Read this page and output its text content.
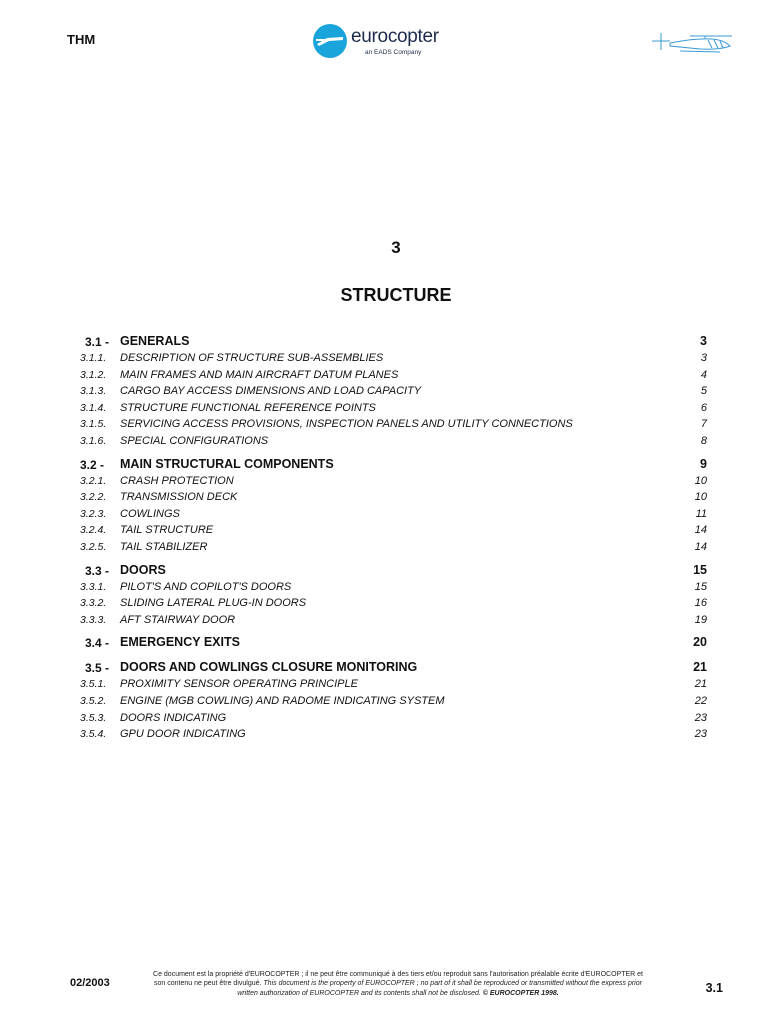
THM	eurocopter
an EADS Company
3
STRUCTURE
3.1 - GENERALS	3
3.1.1. DESCRIPTION OF STRUCTURE SUB-ASSEMBLIES	3
3.1.2. MAIN FRAMES AND MAIN AIRCRAFT DATUM PLANES	4
3.1.3. CARGO BAY ACCESS DIMENSIONS AND LOAD CAPACITY	5
3.1.4. STRUCTURE FUNCTIONAL REFERENCE POINTS	6
3.1.5. SERVICING ACCESS PROVISIONS, INSPECTION PANELS AND UTILITY CONNECTIONS	7
3.1.6. SPECIAL CONFIGURATIONS	8
3.2 - MAIN STRUCTURAL COMPONENTS	9
3.2.1. CRASH PROTECTION	10
3.2.2. TRANSMISSION DECK	10
3.2.3. COWLINGS	11
3.2.4. TAIL STRUCTURE	14
3.2.5. TAIL STABILIZER	14
3.3 - DOORS	15
3.3.1. PILOT'S AND COPILOT'S DOORS	15
3.3.2. SLIDING LATERAL PLUG-IN DOORS	16
3.3.3. AFT STAIRWAY DOOR	19
3.4 - EMERGENCY EXITS	20
3.5 - DOORS AND COWLINGS CLOSURE MONITORING	21
3.5.1. PROXIMITY SENSOR OPERATING PRINCIPLE	21
3.5.2. ENGINE (MGB COWLING) AND RADOME INDICATING SYSTEM	22
3.5.3. DOORS INDICATING	23
3.5.4. GPU DOOR INDICATING	23
02/2003
Ce document est la propriété d'EUROCOPTER ; il ne peut être communiqué à des tiers et/ou reproduit sans l'autorisation préalable écrite d'EUROCOPTER et son contenu ne peut être divulgué. This document is the property of EUROCOPTER ; no part of it shall be reproduced or transmitted without the express prior written authorization of EUROCOPTER and its contents shall not be disclosed. © EUROCOPTER 1998.	3.1
